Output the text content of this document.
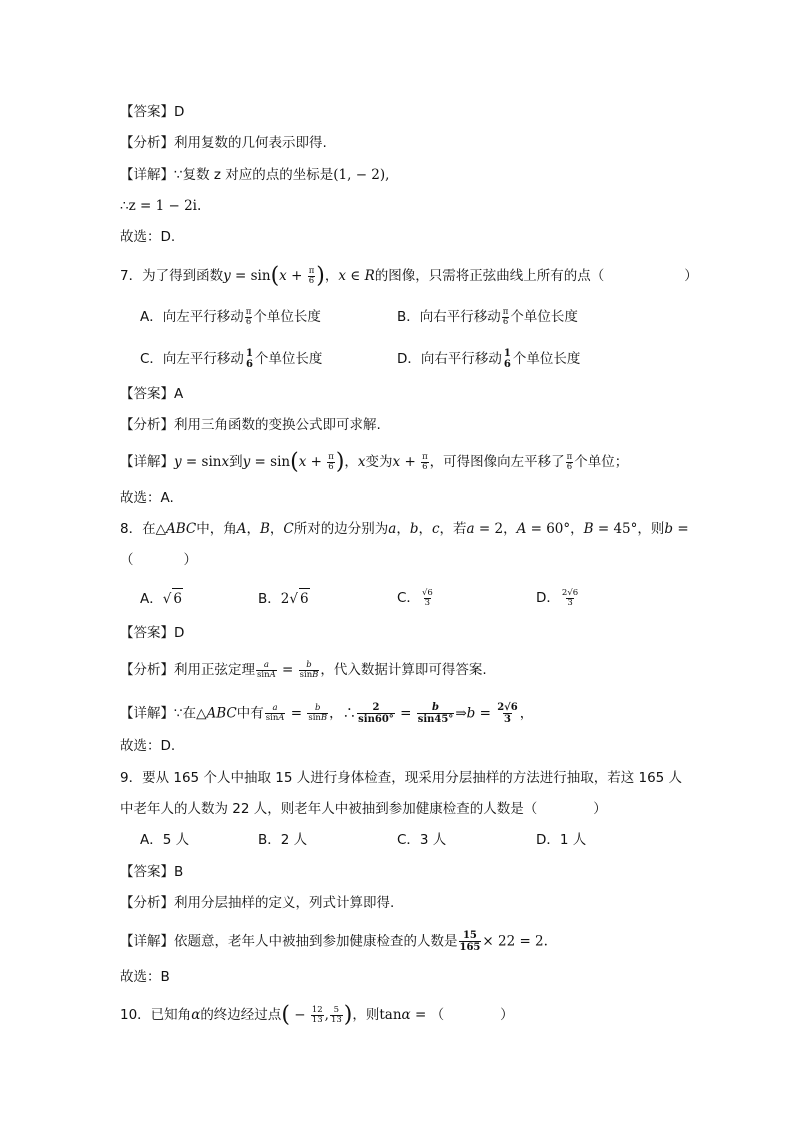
【答案】D
【分析】利用复数的几何表示即得.
【详解】∵复数 z 对应的点的坐标是(1, − 2),
∴z = 1 − 2i.
故选：D.
7．为了得到函数$y = \sin(x + \frac{\pi}{6}$ )，x ∈ R的图像，只需将正弦曲线上所有的点（	）
A．向左平行移动 $\frac{\pi}{6}$ 个单位长度	B．向右平行移动 $\frac{\pi}{6}$ 个单位长度
C．向左平行移动 1
6 个单位长度	D．向右平行移动 1
6 个单位长度
【答案】A
【分析】利用三角函数的变换公式即可求解.
【详解】y = sinx到$y = \sin(x + \frac{\pi}{6}$ )，x变为$x + \frac{\pi}{6}$ ，可得图像向左平移了 $\frac{\pi}{6}$ 个单位；
故选：A.
8．在△ABC中，角A，B，C所对的边分别为a，b，c，若a = 2，A = 60°，B = 45°，则b =
（	）
A．√ 6	B．2√ 6	C． $\frac{√6}{3}$	D． $\frac{2√6}{3}$
【答案】D
【分析】利用正弦定理 $\frac{a}{\sin A} = \frac{b}{\sin B}$ ，代入数据计算即可得答案.
【详解】∵在△ABC中有 $\frac{a}{\sin A} = \frac{b}{\sin B}$ ，∴ $\frac{2}{\sin 60^\circ} = \frac{b}{\sin 45^\circ}$ ⇒b = $\frac{2√6}{3}$ ，
故选：D.
9．要从 165 个人中抽取 15 人进行身体检查，现采用分层抽样的方法进行抽取，若这 165 人
中老年人的人数为 22 人，则老年人中被抽到参加健康检查的人数是（	）
A．5 人	B．2 人	C．3 人	D．1 人
【答案】B
【分析】利用分层抽样的定义，列式计算即得.
【详解】依题意，老年人中被抽到参加健康检查的人数是 $\frac{15}{165} \times 22 = 2$.
故选：B
10．已知角α的终边经过点( − $\frac{12}{13}$ , $\frac{5}{13}$ )，则tanα = （	）
